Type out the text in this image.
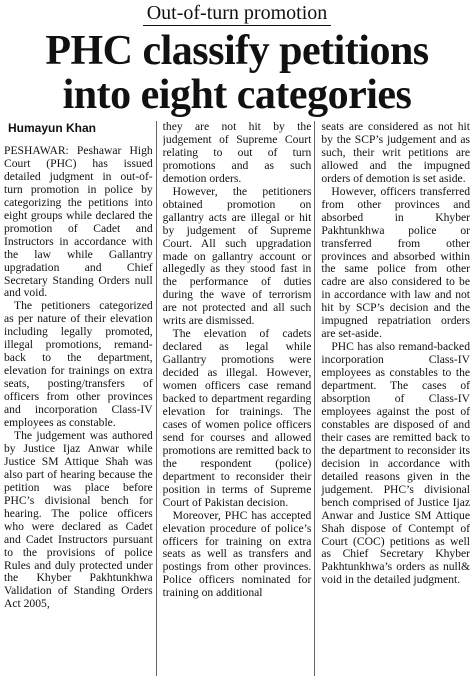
Out-of-turn promotion
PHC classify petitions
into eight categories
Humayun Khan

PESHAWAR: Peshawar High Court (PHC) has issued detailed judgment in out-of-turn promotion in police by categorizing the petitions into eight groups while declared the promotion of Cadet and Instructors in accordance with the law while Gallantry upgradation and Chief Secretary Standing Orders null and void.

The petitioners categorized as per nature of their elevation including legally promoted, illegal promotions, remand-back to the department, elevation for trainings on extra seats, posting/transfers of officers from other provinces and incorporation Class-IV employees as constable.

The judgement was authored by Justice Ijaz Anwar while Justice SM Attique Shah was also part of hearing because the petition was place before PHC’s divisional bench for hearing. The police officers who were declared as Cadet and Cadet Instructors pursuant to the provisions of police Rules and duly protected under the Khyber Pakhtunkhwa Validation of Standing Orders Act 2005,

they are not hit by the judgement of Supreme Court relating to out of turn promotions and as such demotion orders.

However, the petitioners obtained promotion on gallantry acts are illegal or hit by judgement of Supreme Court. All such upgradation made on gallantry account or allegedly as they stood fast in the performance of duties during the wave of terrorism are not protected and all such writs are dismissed.

The elevation of cadets declared as legal while Gallantry promotions were decided as illegal. However, women officers case remand backed to department regarding elevation for trainings. The cases of women police officers send for courses and allowed promotions are remitted back to the respondent (police) department to reconsider their position in terms of Supreme Court of Pakistan decision.

Moreover, PHC has accepted elevation procedure of police’s officers for training on extra seats as well as transfers and postings from other provinces. Police officers nominated for training on additional

seats are considered as not hit by the SCP’s judgement and as such, their writ petitions are allowed and the impugned orders of demotion is set aside.

However, officers transferred from other provinces and absorbed in Khyber Pakhtunkhwa police or transferred from other provinces and absorbed within the same police from other cadre are also considered to be in accordance with law and not hit by SCP’s decision and the impugned repatriation orders are set-aside.

PHC has also remand-backed incorporation Class-IV employees as constables to the department. The cases of absorption of Class-IV employees against the post of constables are disposed of and their cases are remitted back to the department to reconsider its decision in accordance with detailed reasons given in the judgement. PHC’s divisional bench comprised of Justice Ijaz Anwar and Justice SM Attique Shah dispose of Contempt of Court (COC) petitions as well as Chief Secretary Khyber Pakhtunkhwa’s orders as null& void in the detailed judgment.
